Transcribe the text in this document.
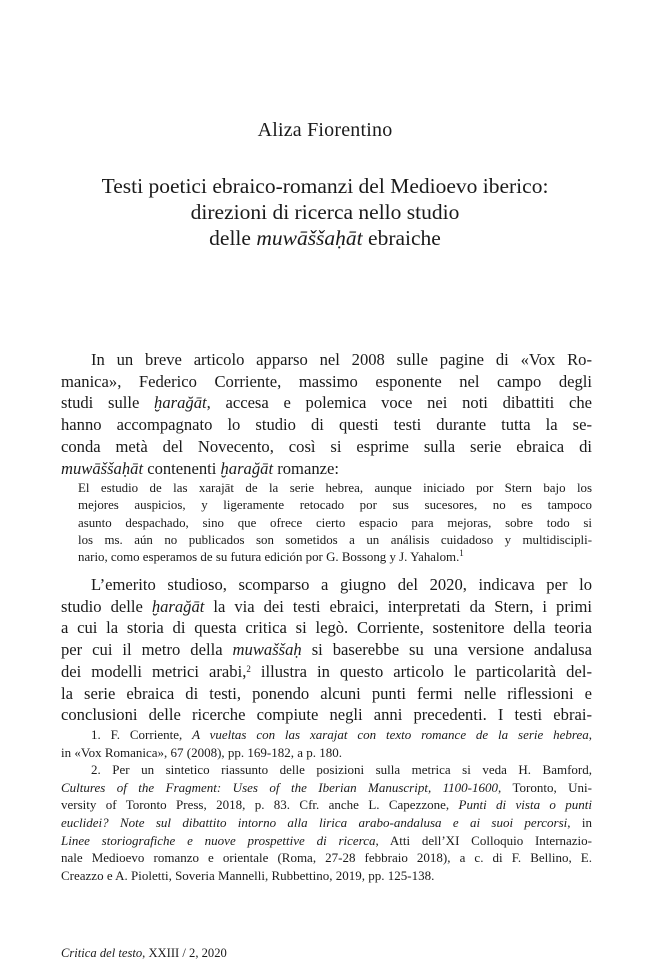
Aliza Fiorentino
Testi poetici ebraico-romanzi del Medioevo iberico:
direzioni di ricerca nello studio
delle muwāššaḥāt ebraiche
In un breve articolo apparso nel 2008 sulle pagine di «Vox Ro-
manica», Federico Corriente, massimo esponente nel campo degli
studi sulle ḫarağāt, accesa e polemica voce nei noti dibattiti che
hanno accompagnato lo studio di questi testi durante tutta la se-
conda metà del Novecento, così si esprime sulla serie ebraica di
muwāššaḥāt contenenti ḫarağāt romanze:
El estudio de las xarajāt de la serie hebrea, aunque iniciado por Stern bajo los
mejores auspicios, y ligeramente retocado por sus sucesores, no es tampoco
asunto despachado, sino que ofrece cierto espacio para mejoras, sobre todo si
los ms. aún no publicados son sometidos a un análisis cuidadoso y multidiscipli-
nario, como esperamos de su futura edición por G. Bossong y J. Yahalom.$^1$
L’emerito studioso, scomparso a giugno del 2020, indicava per lo
studio delle ḫarağāt la via dei testi ebraici, interpretati da Stern, i primi
a cui la storia di questa critica si legò. Corriente, sostenitore della teoria
per cui il metro della muwaššaḥ si baserebbe su una versione andalusa
dei modelli metrici arabi,$^2$ illustra in questo articolo le particolarità del-
la serie ebraica di testi, ponendo alcuni punti fermi nelle riflessioni e
conclusioni delle ricerche compiute negli anni precedenti. I testi ebrai-
1. F. Corriente, A vueltas con las xarajat con texto romance de la serie hebrea,
in «Vox Romanica», 67 (2008), pp. 169-182, a p. 180.
2. Per un sintetico riassunto delle posizioni sulla metrica si veda H. Bamford,
Cultures of the Fragment: Uses of the Iberian Manuscript, 1100-1600, Toronto, Uni-
versity of Toronto Press, 2018, p. 83. Cfr. anche L. Capezzone, Punti di vista o punti
euclidei? Note sul dibattito intorno alla lirica arabo-andalusa e ai suoi percorsi, in
Linee storiografiche e nuove prospettive di ricerca, Atti dell’XI Colloquio Internazio-
nale Medioevo romanzo e orientale (Roma, 27-28 febbraio 2018), a c. di F. Bellino, E.
Creazzo e A. Pioletti, Soveria Mannelli, Rubbettino, 2019, pp. 125-138.
Critica del testo, XXIII / 2, 2020
